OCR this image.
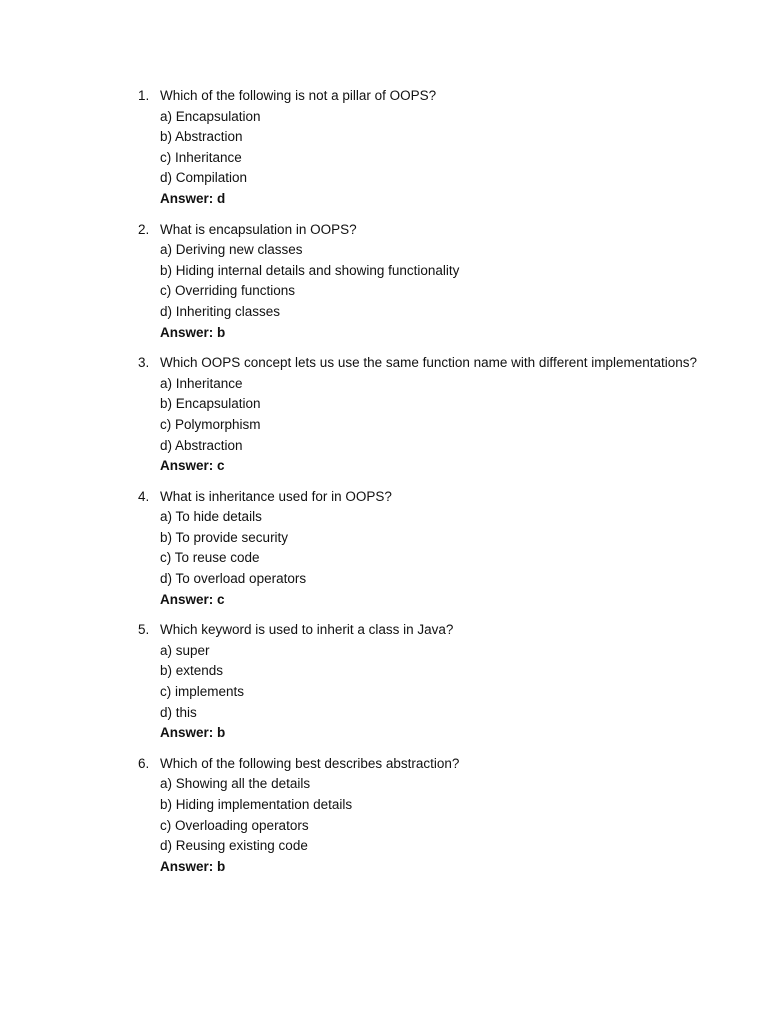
1. Which of the following is not a pillar of OOPS?
a) Encapsulation
b) Abstraction
c) Inheritance
d) Compilation
Answer: d
2. What is encapsulation in OOPS?
a) Deriving new classes
b) Hiding internal details and showing functionality
c) Overriding functions
d) Inheriting classes
Answer: b
3. Which OOPS concept lets us use the same function name with different implementations?
a) Inheritance
b) Encapsulation
c) Polymorphism
d) Abstraction
Answer: c
4. What is inheritance used for in OOPS?
a) To hide details
b) To provide security
c) To reuse code
d) To overload operators
Answer: c
5. Which keyword is used to inherit a class in Java?
a) super
b) extends
c) implements
d) this
Answer: b
6. Which of the following best describes abstraction?
a) Showing all the details
b) Hiding implementation details
c) Overloading operators
d) Reusing existing code
Answer: b
